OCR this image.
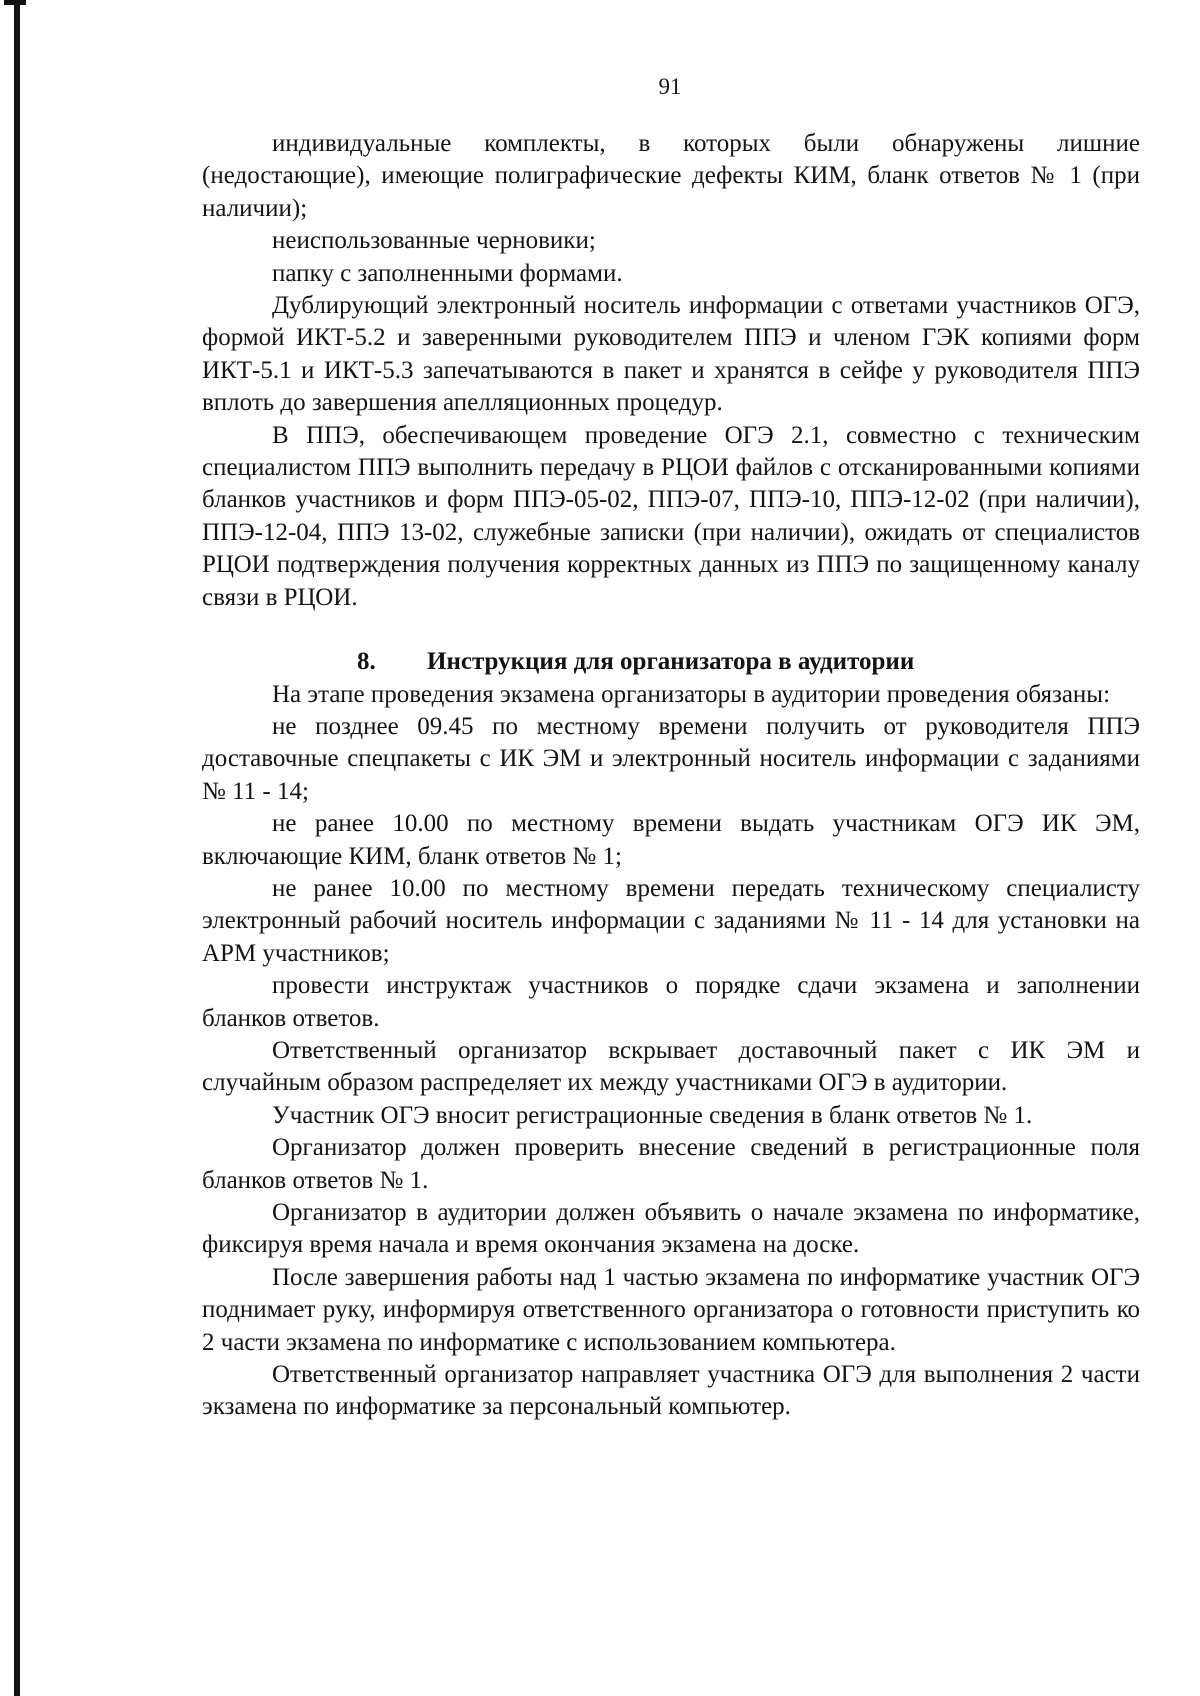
91

индивидуальные комплекты, в которых были обнаружены лишние (недостающие), имеющие полиграфические дефекты КИМ, бланк ответов № 1 (при наличии);

неиспользованные черновики;

папку с заполненными формами.

Дублирующий электронный носитель информации с ответами участников ОГЭ, формой ИКТ-5.2 и заверенными руководителем ППЭ и членом ГЭК копиями форм ИКТ-5.1 и ИКТ-5.3 запечатываются в пакет и хранятся в сейфе у руководителя ППЭ вплоть до завершения апелляционных процедур.

В ППЭ, обеспечивающем проведение ОГЭ 2.1, совместно с техническим специалистом ППЭ выполнить передачу в РЦОИ файлов с отсканированными копиями бланков участников и форм ППЭ-05-02, ППЭ-07, ППЭ-10, ППЭ-12-02 (при наличии), ППЭ-12-04, ППЭ 13-02, служебные записки (при наличии), ожидать от специалистов РЦОИ подтверждения получения корректных данных из ППЭ по защищенному каналу связи в РЦОИ.

8. Инструкция для организатора в аудитории

На этапе проведения экзамена организаторы в аудитории проведения обязаны:

не позднее 09.45 по местному времени получить от руководителя ППЭ доставочные спецпакеты с ИК ЭМ и электронный носитель информации с заданиями № 11 - 14;

не ранее 10.00 по местному времени выдать участникам ОГЭ ИК ЭМ, включающие КИМ, бланк ответов № 1;

не ранее 10.00 по местному времени передать техническому специалисту электронный рабочий носитель информации с заданиями № 11 - 14 для установки на АРМ участников;

провести инструктаж участников о порядке сдачи экзамена и заполнении бланков ответов.

Ответственный организатор вскрывает доставочный пакет с ИК ЭМ и случайным образом распределяет их между участниками ОГЭ в аудитории.

Участник ОГЭ вносит регистрационные сведения в бланк ответов № 1.

Организатор должен проверить внесение сведений в регистрационные поля бланков ответов № 1.

Организатор в аудитории должен объявить о начале экзамена по информатике, фиксируя время начала и время окончания экзамена на доске.

После завершения работы над 1 частью экзамена по информатике участник ОГЭ поднимает руку, информируя ответственного организатора о готовности приступить ко 2 части экзамена по информатике с использованием компьютера.

Ответственный организатор направляет участника ОГЭ для выполнения 2 части экзамена по информатике за персональный компьютер.
